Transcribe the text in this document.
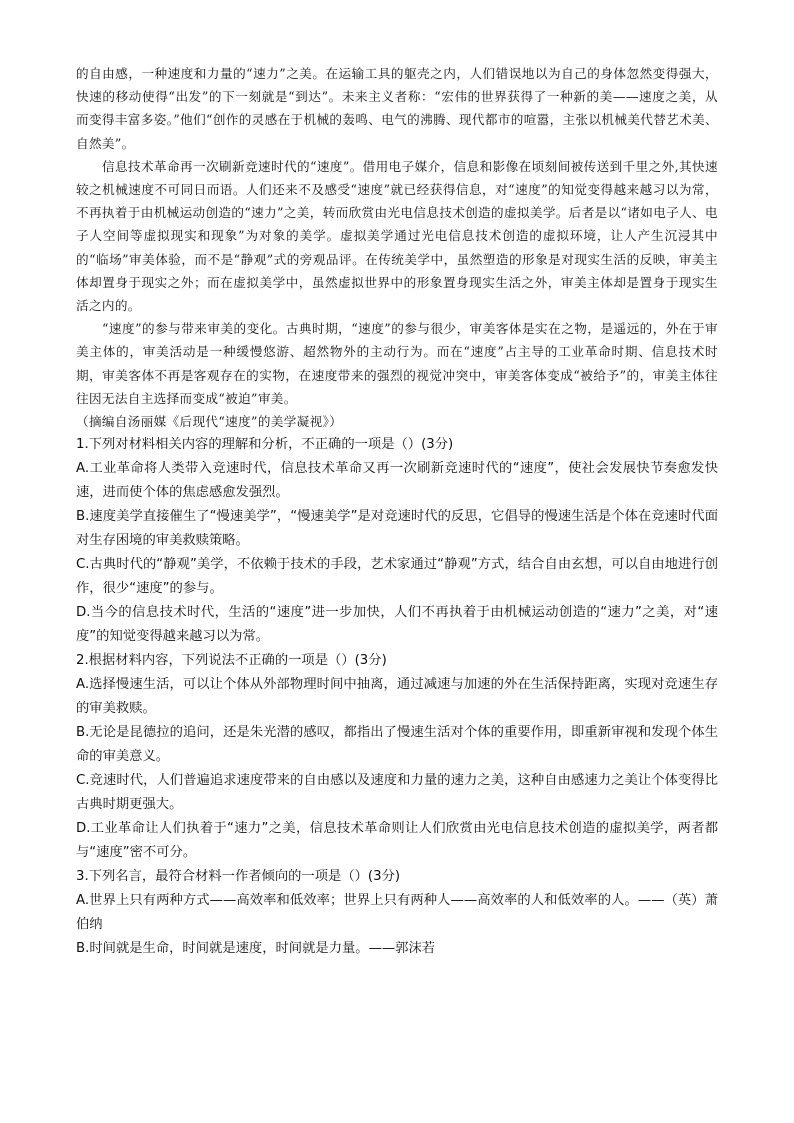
的自由感，一种速度和力量的“速力”之美。在运输工具的躯壳之内，人们错误地以为自己的身体忽然变得强大，快速的移动使得“出发”的下一刻就是“到达”。未来主义者称：“宏伟的世界获得了一种新的美——速度之美，从而变得丰富多姿。”他们“创作的灵感在于机械的轰鸣、电气的沸腾、现代都市的喧嚣，主张以机械美代替艺术美、自然美”。

信息技术革命再一次刷新竞速时代的“速度”。借用电子媒介，信息和影像在顷刻间被传送到千里之外,其快速较之机械速度不可同日而语。人们还来不及感受“速度”就已经获得信息，对“速度”的知觉变得越来越习以为常，不再执着于由机械运动创造的“速力”之美，转而欣赏由光电信息技术创造的虚拟美学。后者是以“诸如电子人、电子人空间等虚拟现实和现象”为对象的美学。虚拟美学通过光电信息技术创造的虚拟环境，让人产生沉浸其中的“临场”审美体验，而不是“静观”式的旁观品评。在传统美学中，虽然塑造的形象是对现实生活的反映，审美主体却置身于现实之外；而在虚拟美学中，虽然虚拟世界中的形象置身现实生活之外，审美主体却是置身于现实生活之内的。

“速度”的参与带来审美的变化。古典时期，“速度”的参与很少，审美客体是实在之物，是遥远的，外在于审美主体的，审美活动是一种缓慢悠游、超然物外的主动行为。而在“速度”占主导的工业革命时期、信息技术时期，审美客体不再是客观存在的实物，在速度带来的强烈的视觉冲突中，审美客体变成“被给予”的，审美主体往往因无法自主选择而变成“被迫”审美。

（摘编自汤丽媒《后现代“速度”的美学凝视》）

1.下列对材料相关内容的理解和分析，不正确的一项是（）(3分)

A.工业革命将人类带入竞速时代，信息技术革命又再一次刷新竞速时代的“速度”，使社会发展快节奏愈发快速，进而使个体的焦虑感愈发强烈。

B.速度美学直接催生了“慢速美学”，“慢速美学”是对竞速时代的反思，它倡导的慢速生活是个体在竞速时代面对生存困境的审美救赎策略。

C.古典时代的“静观”美学，不依赖于技术的手段，艺术家通过“静观”方式，结合自由玄想，可以自由地进行创作，很少“速度”的参与。

D.当今的信息技术时代，生活的“速度”进一步加快，人们不再执着于由机械运动创造的“速力”之美，对“速度”的知觉变得越来越习以为常。

2.根据材料内容，下列说法不正确的一项是（）(3分)

A.选择慢速生活，可以让个体从外部物理时间中抽离，通过减速与加速的外在生活保持距离，实现对竞速生存的审美救赎。

B.无论是昆德拉的追问，还是朱光潜的感叹，都指出了慢速生活对个体的重要作用，即重新审视和发现个体生命的审美意义。

C.竞速时代，人们普遍追求速度带来的自由感以及速度和力量的速力之美，这种自由感速力之美让个体变得比古典时期更强大。

D.工业革命让人们执着于“速力”之美，信息技术革命则让人们欣赏由光电信息技术创造的虚拟美学，两者都与“速度”密不可分。

3.下列名言，最符合材料一作者倾向的一项是（）(3分)

A.世界上只有两种方式——高效率和低效率；世界上只有两种人——高效率的人和低效率的人。——（英）萧伯纳

B.时间就是生命，时间就是速度，时间就是力量。——郭沫若
